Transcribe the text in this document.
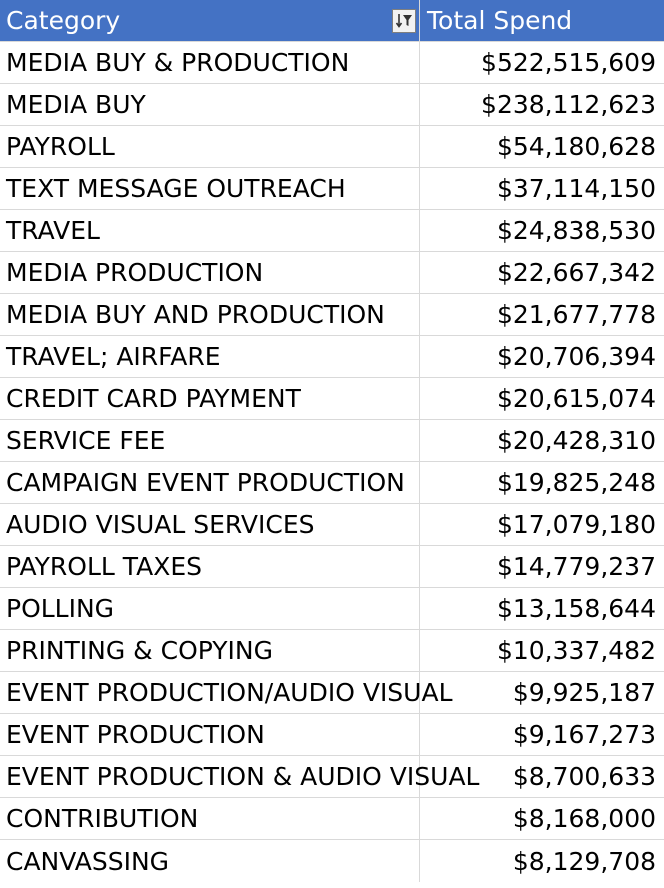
Category	Total Spend
MEDIA BUY & PRODUCTION	$522,515,609
MEDIA BUY	$238,112,623
PAYROLL	$54,180,628
TEXT MESSAGE OUTREACH	$37,114,150
TRAVEL	$24,838,530
MEDIA PRODUCTION	$22,667,342
MEDIA BUY AND PRODUCTION	$21,677,778
TRAVEL; AIRFARE	$20,706,394
CREDIT CARD PAYMENT	$20,615,074
SERVICE FEE	$20,428,310
CAMPAIGN EVENT PRODUCTION	$19,825,248
AUDIO VISUAL SERVICES	$17,079,180
PAYROLL TAXES	$14,779,237
POLLING	$13,158,644
PRINTING & COPYING	$10,337,482
EVENT PRODUCTION/AUDIO VISUAL	$9,925,187
EVENT PRODUCTION	$9,167,273
EVENT PRODUCTION & AUDIO VISUAL	$8,700,633
CONTRIBUTION	$8,168,000
CANVASSING	$8,129,708
